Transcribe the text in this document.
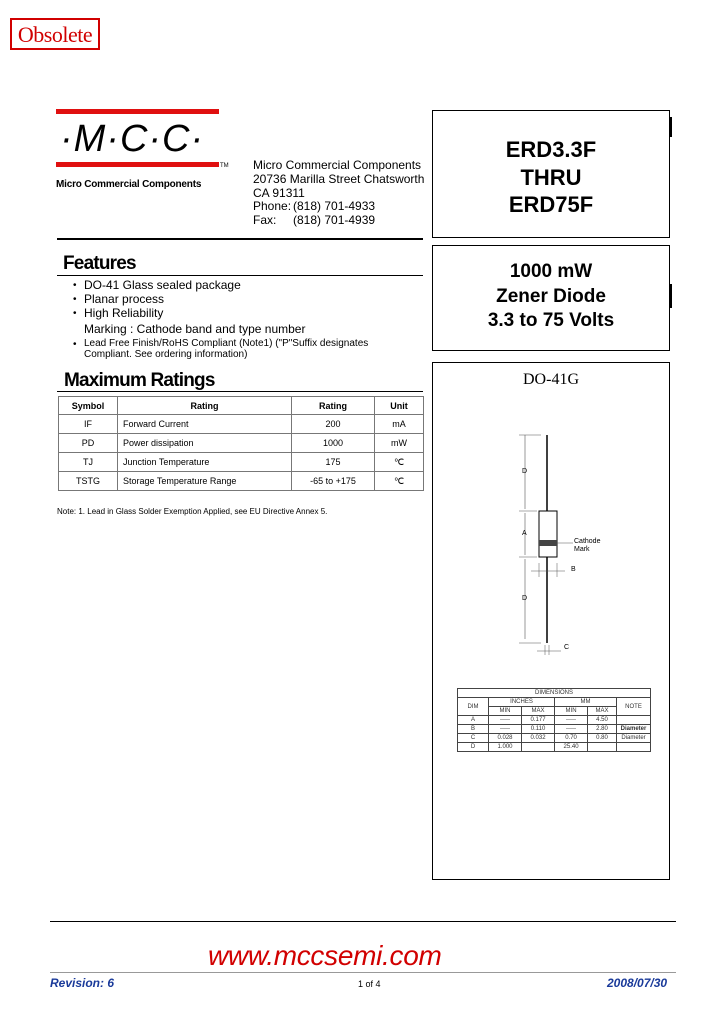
Obsolete
·M·C·C·
TM
Micro Commercial Components
Micro Commercial Components
20736 Marilla Street Chatsworth
CA 91311
Phone: (818) 701-4933
Fax: (818) 701-4939
ERD3.3F
THRU
ERD75F
1000 mW
Zener Diode
3.3 to 75 Volts
DO-41G
Cathode
Mark
D
A
B
D
C
Features
• DO-41 Glass sealed package
• Planar process
• High Reliability
Marking : Cathode band and type number
• Lead Free Finish/RoHS Compliant (Note1) ("P"Suffix designates
Compliant. See ordering information)
Maximum Ratings
Symbol	Rating	Rating	Unit
IF	Forward Current	200	mA
PD	Power dissipation	1000	mW
TJ	Junction Temperature	175	℃
TSTG	Storage Temperature Range	-65 to +175	℃
Note: 1. Lead in Glass Solder Exemption Applied, see EU Directive Annex 5.
DIMENSIONS					
DIM	INCHES		MM		NOTE
	MIN	MAX	MIN	MAX	
A	-----	0.177	-----	4.50	
B	-----	0.110	-----	2.80	Diameter
C	0.028	0.032	0.70	0.80	Diameter
D	1.000		25.40		
www.mccsemi.com
Revision: 6	1 of 4	2008/07/30
